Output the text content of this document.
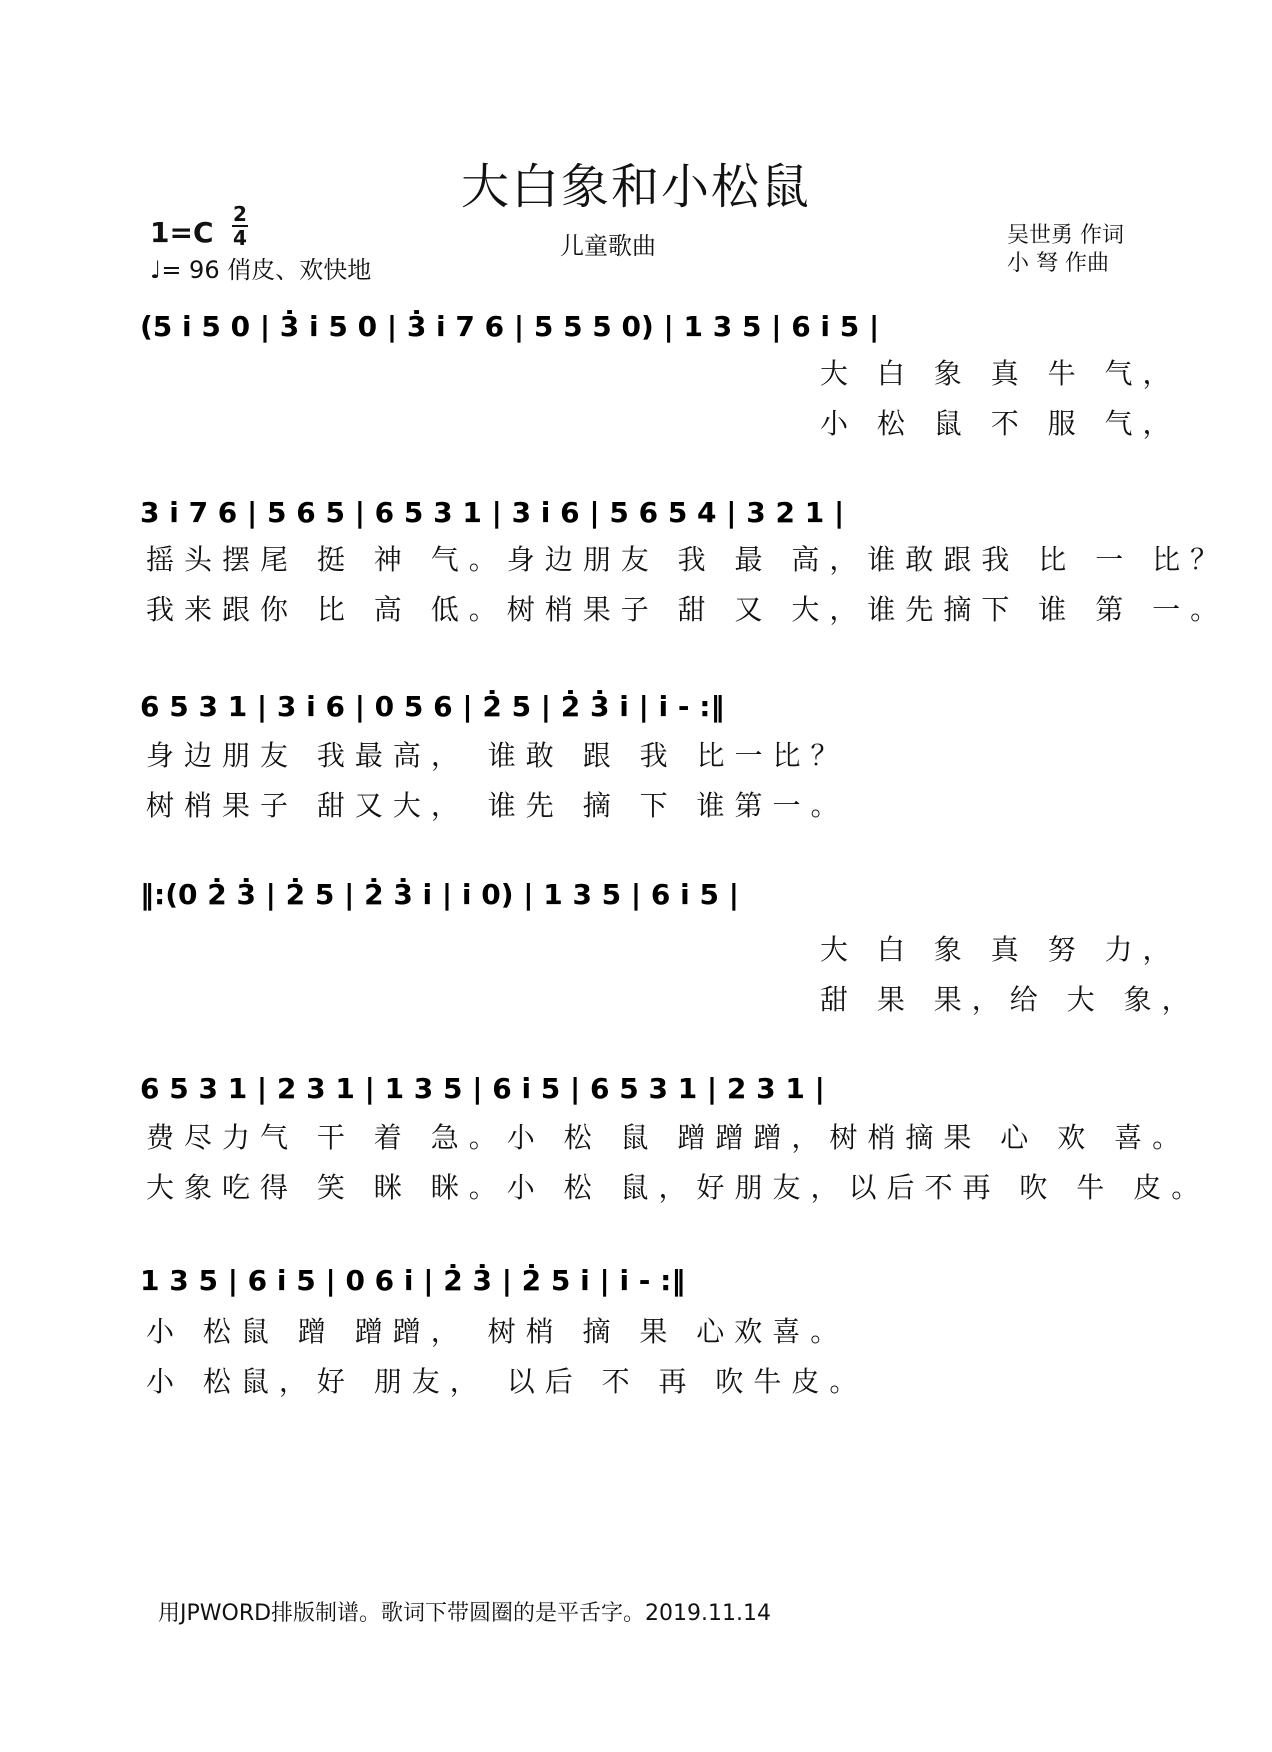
大白象和小松鼠
儿童歌曲
1=C
2
4
♩= 96 俏皮、欢快地
吴世勇 作词
小 弩 作曲
(5 i̇ 5 0 | 3̇ i̇ 5 0 | 3̇ i̇ 7 6 | 5 5 5 0) | 1 3 5 | 6 i̇ 5 |
大 白 象 真 牛 气，
小 松 鼠 不 服 气，
3 i̇ 7 6 | 5 6 5 | 6 5 3 1 | 3 i̇ 6 | 5 6 5 4 | 3 2 1 |
摇头摆尾 挺 神 气。身边朋友 我 最 高，谁敢跟我 比 一 比？
我来跟你 比 高 低。树梢果子 甜 又 大，谁先摘下 谁 第 一。
6 5 3 1 | 3 i̇ 6 | 0 5 6 | 2̇ 5 | 2̇ 3̇ i̇ | i̇ - :‖
身边朋友 我最高， 谁敢 跟 我 比一比？
树梢果子 甜又大， 谁先 摘 下 谁第一。
‖:(0 2̇ 3̇ | 2̇ 5 | 2̇ 3̇ i̇ | i̇ 0) | 1 3 5 | 6 i̇ 5 |
大 白 象 真 努 力，
甜 果 果，给 大 象，
6 5 3 1 | 2 3 1 | 1 3 5 | 6 i̇ 5 | 6 5 3 1 | 2 3 1 |
费尽力气 干 着 急。小 松 鼠 蹭蹭蹭，树梢摘果 心 欢 喜。
大象吃得 笑 眯 眯。小 松 鼠，好朋友，以后不再 吹 牛 皮。
1 3 5 | 6 i̇ 5 | 0 6 i̇ | 2̇ 3̇ | 2̇ 5 i̇ | i̇ - :‖
小 松鼠 蹭 蹭蹭， 树梢 摘 果 心欢喜。
小 松鼠，好 朋友， 以后 不 再 吹牛皮。
用JPWORD排版制谱。歌词下带圆圈的是平舌字。2019.11.14
